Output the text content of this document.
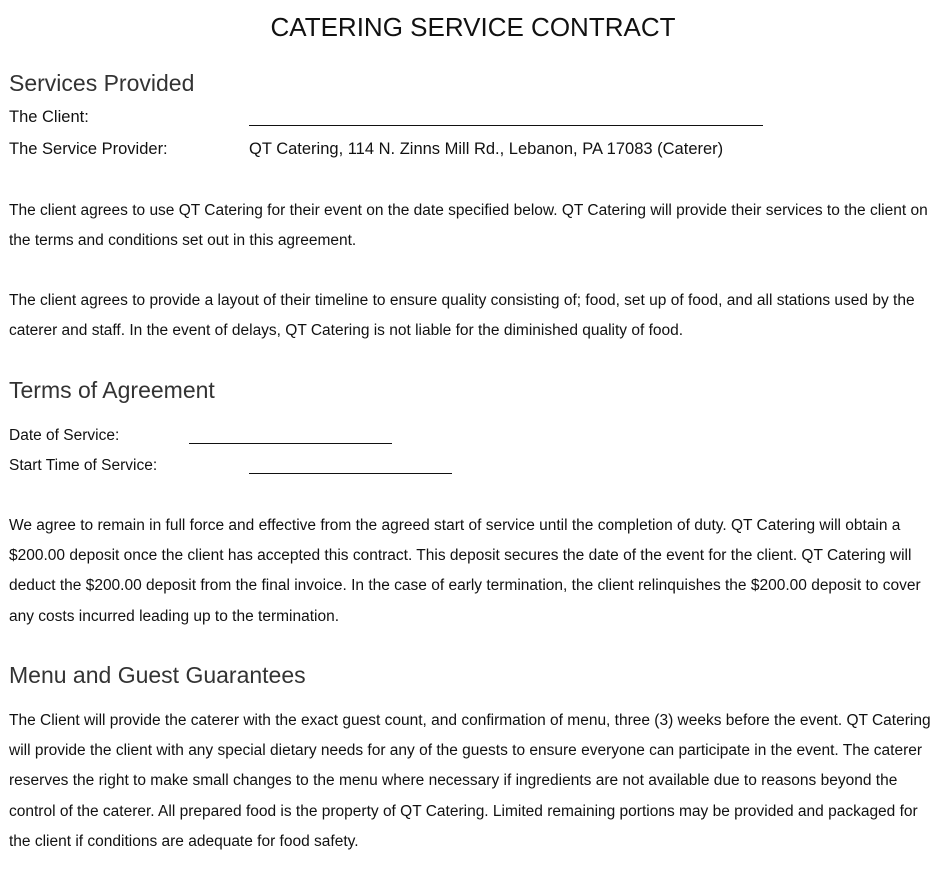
CATERING SERVICE CONTRACT
Services Provided
The Client:
The Service Provider:	QT Catering, 114 N. Zinns Mill Rd., Lebanon, PA 17083 (Caterer)

The client agrees to use QT Catering for their event on the date specified below. QT Catering will provide their services to the client on the terms and conditions set out in this agreement.

The client agrees to provide a layout of their timeline to ensure quality consisting of; food, set up of food, and all stations used by the caterer and staff. In the event of delays, QT Catering is not liable for the diminished quality of food.

Terms of Agreement
Date of Service:
Start Time of Service:

We agree to remain in full force and effective from the agreed start of service until the completion of duty. QT Catering will obtain a $200.00 deposit once the client has accepted this contract. This deposit secures the date of the event for the client. QT Catering will deduct the $200.00 deposit from the final invoice. In the case of early termination, the client relinquishes the $200.00 deposit to cover any costs incurred leading up to the termination.

Menu and Guest Guarantees

The Client will provide the caterer with the exact guest count, and confirmation of menu, three (3) weeks before the event. QT Catering will provide the client with any special dietary needs for any of the guests to ensure everyone can participate in the event. The caterer reserves the right to make small changes to the menu where necessary if ingredients are not available due to reasons beyond the control of the caterer. All prepared food is the property of QT Catering. Limited remaining portions may be provided and packaged for the client if conditions are adequate for food safety.
